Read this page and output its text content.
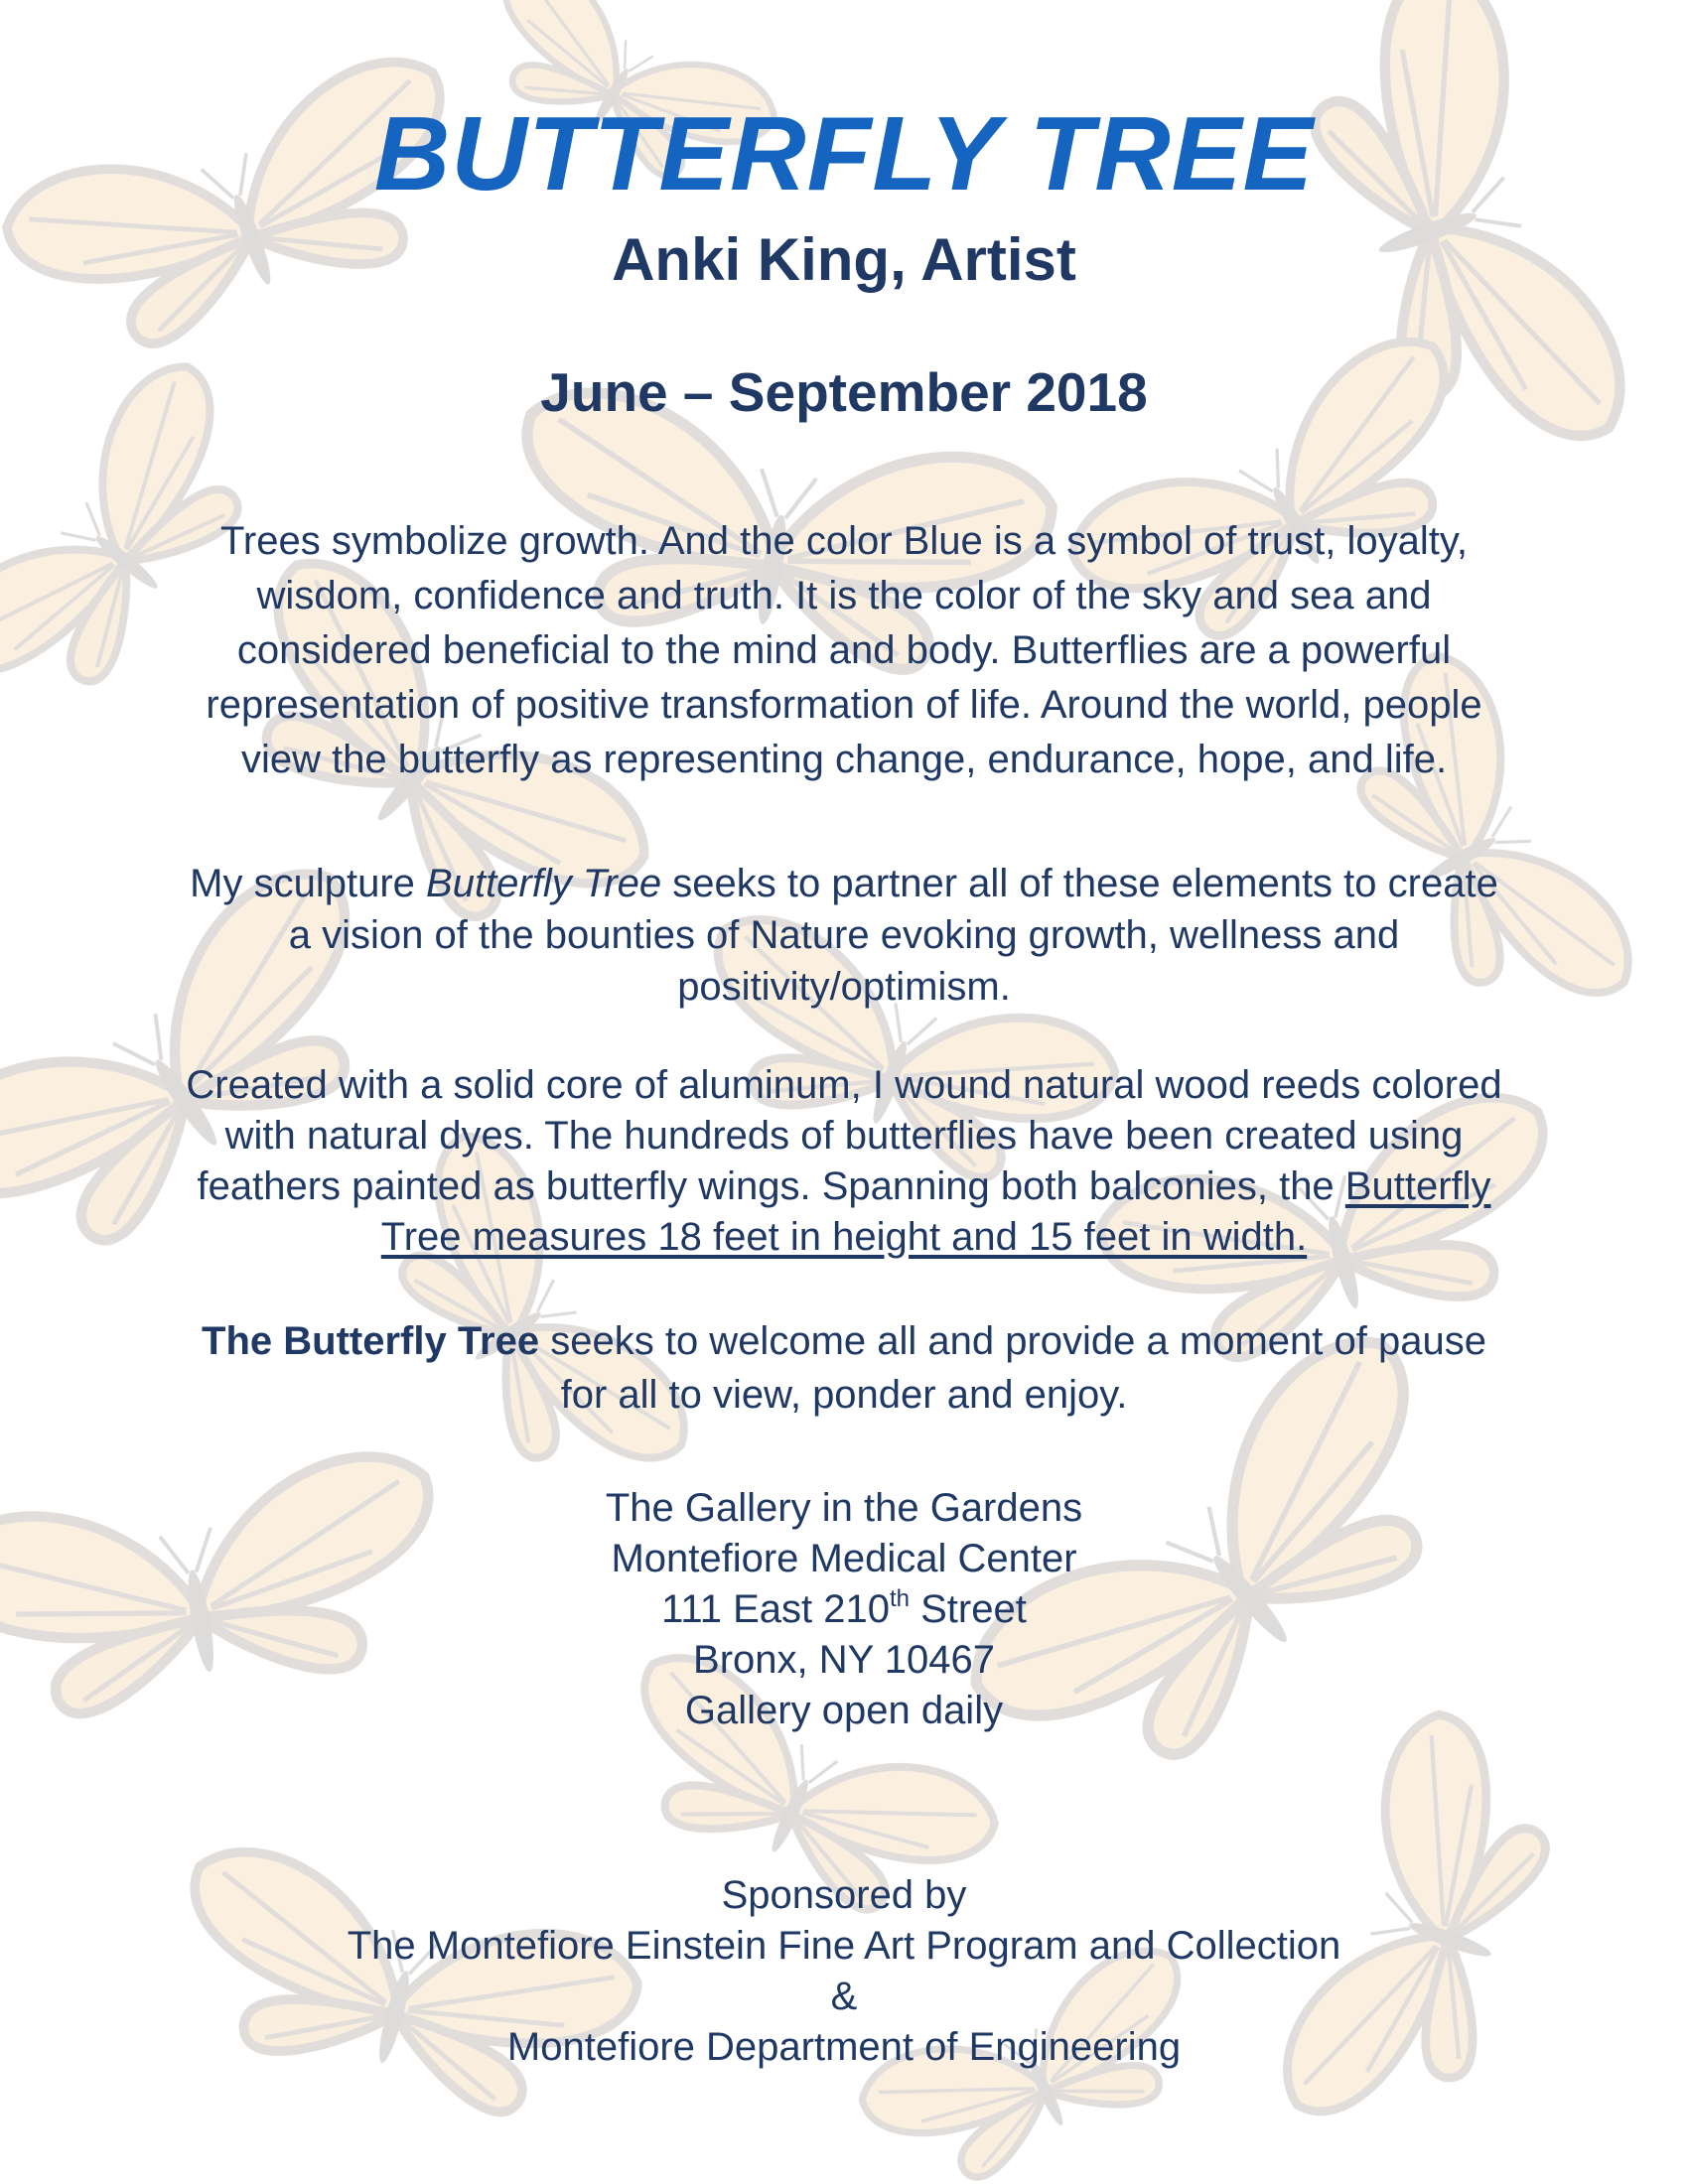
BUTTERFLY TREE
Anki King, Artist
June – September 2018
Trees symbolize growth. And the color Blue is a symbol of trust, loyalty,
wisdom, confidence and truth. It is the color of the sky and sea and
considered beneficial to the mind and body. Butterflies are a powerful
representation of positive transformation of life. Around the world, people
view the butterfly as representing change, endurance, hope, and life.
My sculpture Butterfly Tree seeks to partner all of these elements to create
a vision of the bounties of Nature evoking growth, wellness and
positivity/optimism.
Created with a solid core of aluminum, I wound natural wood reeds colored
with natural dyes. The hundreds of butterflies have been created using
feathers painted as butterfly wings. Spanning both balconies, the Butterfly
Tree measures 18 feet in height and 15 feet in width.
The Butterfly Tree seeks to welcome all and provide a moment of pause
for all to view, ponder and enjoy.
The Gallery in the Gardens
Montefiore Medical Center
111 East 210th Street
Bronx, NY 10467
Gallery open daily
Sponsored by
The Montefiore Einstein Fine Art Program and Collection
&
Montefiore Department of Engineering
